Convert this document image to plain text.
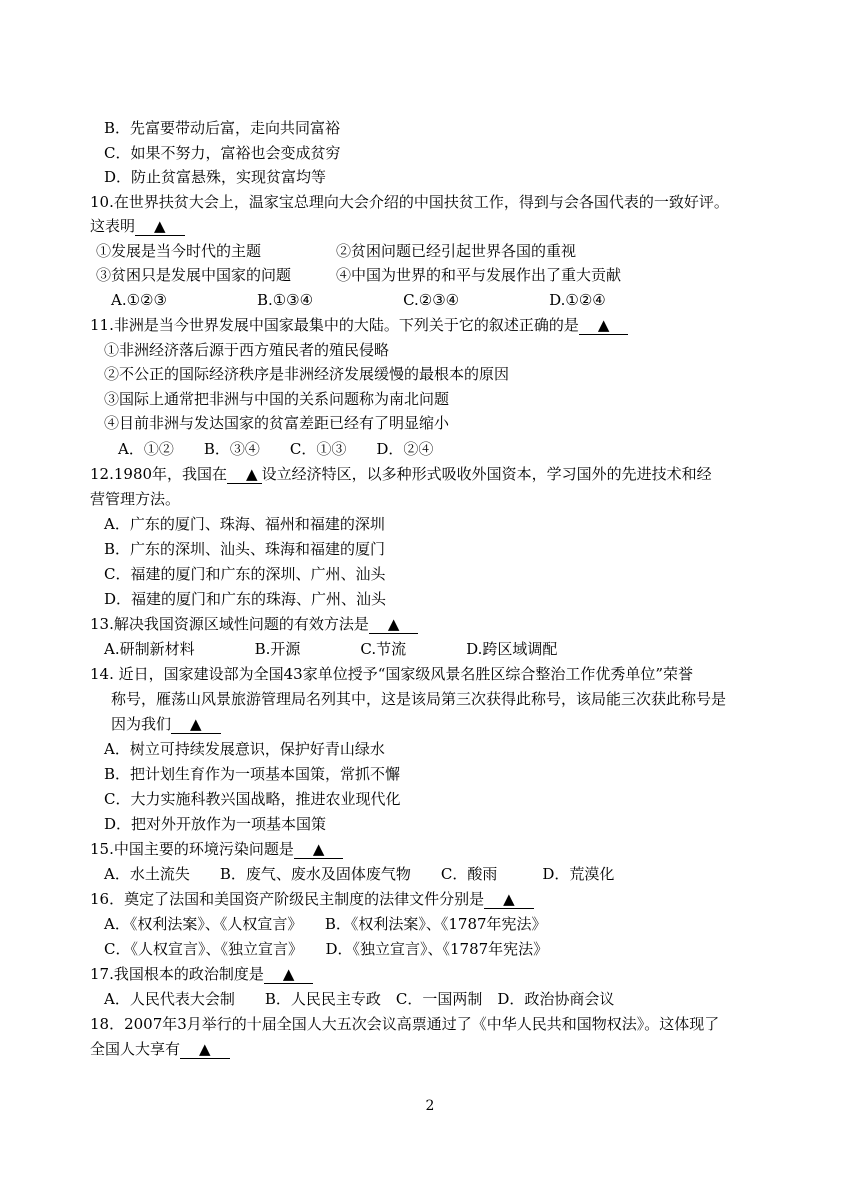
B．先富要带动后富，走向共同富裕
C．如果不努力，富裕也会变成贫穷
D．防止贫富悬殊，实现贫富均等
10.在世界扶贫大会上，温家宝总理向大会介绍的中国扶贫工作，得到与会各国代表的一致好评。
这表明  ▲ 
①发展是当今时代的主题　　　　　②贫困问题已经引起世界各国的重视
③贫困只是发展中国家的问题　　　④中国为世界的和平与发展作出了重大贡献
A.①②③　　　　　　B.①③④　　　　　　C.②③④　　　　　　D.①②④
11.非洲是当今世界发展中国家最集中的大陆。下列关于它的叙述正确的是  ▲ 
①非洲经济落后源于西方殖民者的殖民侵略
②不公正的国际经济秩序是非洲经济发展缓慢的最根本的原因
③国际上通常把非洲与中国的关系问题称为南北问题
④目前非洲与发达国家的贫富差距已经有了明显缩小
A．①②　　B．③④　　C．①③　　D．②④
12.1980年，我国在  ▲ 设立经济特区，以多种形式吸收外国资本，学习国外的先进技术和经
营管理方法。
A．广东的厦门、珠海、福州和福建的深圳
B．广东的深圳、汕头、珠海和福建的厦门
C．福建的厦门和广东的深圳、广州、汕头
D．福建的厦门和广东的珠海、广州、汕头
13.解决我国资源区域性问题的有效方法是  ▲ 
A.研制新材料　　　　B.开源　　　　C.节流　　　　D.跨区域调配
14. 近日，国家建设部为全国43家单位授予“国家级风景名胜区综合整治工作优秀单位”荣誉
称号，雁荡山风景旅游管理局名列其中，这是该局第三次获得此称号，该局能三次获此称号是
因为我们  ▲ 
A．树立可持续发展意识，保护好青山绿水
B．把计划生育作为一项基本国策，常抓不懈
C．大力实施科教兴国战略，推进农业现代化
D．把对外开放作为一项基本国策
15.中国主要的环境污染问题是  ▲ 
A．水土流失　　B．废气、废水及固体废气物　　C．酸雨　　　D．荒漠化
16．奠定了法国和美国资产阶级民主制度的法律文件分别是  ▲ 
A．《权利法案》、《人权宣言》　　B．《权利法案》、《1787年宪法》
C．《人权宣言》、《独立宣言》　　D．《独立宣言》、《1787年宪法》
17.我国根本的政治制度是  ▲ 
A．人民代表大会制　　B．人民民主专政　C．一国两制　D．政治协商会议
18．2007年3月举行的十届全国人大五次会议高票通过了《中华人民共和国物权法》。这体现了
全国人大享有  ▲ 
2
